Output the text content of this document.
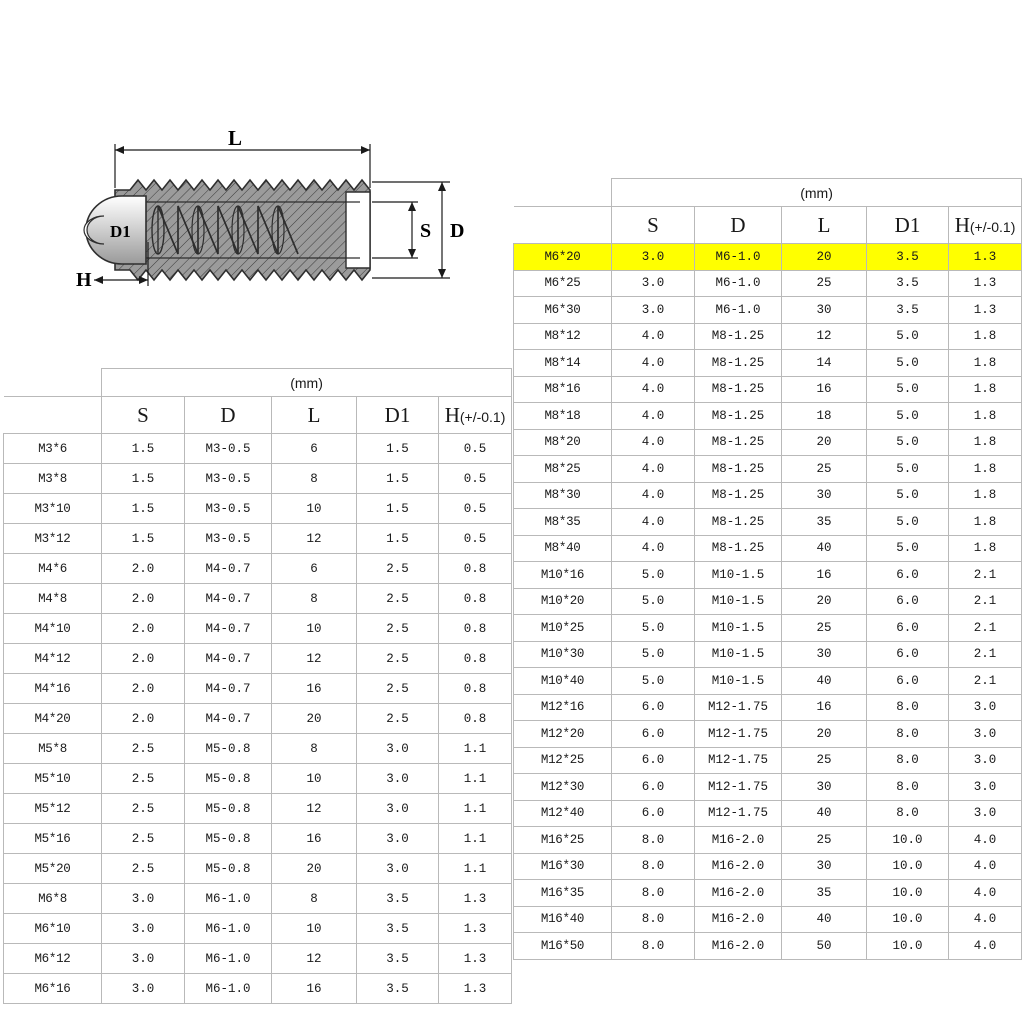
L
H
D1	S D
	(mm)				
	S	D	L	D1	H(+/-0.1)
M3*6	1.5	M3-0.5	6	1.5	0.5
M3*8	1.5	M3-0.5	8	1.5	0.5
M3*10	1.5	M3-0.5	10	1.5	0.5
M3*12	1.5	M3-0.5	12	1.5	0.5
M4*6	2.0	M4-0.7	6	2.5	0.8
M4*8	2.0	M4-0.7	8	2.5	0.8
M4*10	2.0	M4-0.7	10	2.5	0.8
M4*12	2.0	M4-0.7	12	2.5	0.8
M4*16	2.0	M4-0.7	16	2.5	0.8
M4*20	2.0	M4-0.7	20	2.5	0.8
M5*8	2.5	M5-0.8	8	3.0	1.1
M5*10	2.5	M5-0.8	10	3.0	1.1
M5*12	2.5	M5-0.8	12	3.0	1.1
M5*16	2.5	M5-0.8	16	3.0	1.1
M5*20	2.5	M5-0.8	20	3.0	1.1
M6*8	3.0	M6-1.0	8	3.5	1.3
M6*10	3.0	M6-1.0	10	3.5	1.3
M6*12	3.0	M6-1.0	12	3.5	1.3
M6*16	3.0	M6-1.0	16	3.5	1.3
	(mm)				
	S	D	L	D1	H(+/-0.1)
M6*20	3.0	M6-1.0	20	3.5	1.3
M6*25	3.0	M6-1.0	25	3.5	1.3
M6*30	3.0	M6-1.0	30	3.5	1.3
M8*12	4.0	M8-1.25	12	5.0	1.8
M8*14	4.0	M8-1.25	14	5.0	1.8
M8*16	4.0	M8-1.25	16	5.0	1.8
M8*18	4.0	M8-1.25	18	5.0	1.8
M8*20	4.0	M8-1.25	20	5.0	1.8
M8*25	4.0	M8-1.25	25	5.0	1.8
M8*30	4.0	M8-1.25	30	5.0	1.8
M8*35	4.0	M8-1.25	35	5.0	1.8
M8*40	4.0	M8-1.25	40	5.0	1.8
M10*16	5.0	M10-1.5	16	6.0	2.1
M10*20	5.0	M10-1.5	20	6.0	2.1
M10*25	5.0	M10-1.5	25	6.0	2.1
M10*30	5.0	M10-1.5	30	6.0	2.1
M10*40	5.0	M10-1.5	40	6.0	2.1
M12*16	6.0	M12-1.75	16	8.0	3.0
M12*20	6.0	M12-1.75	20	8.0	3.0
M12*25	6.0	M12-1.75	25	8.0	3.0
M12*30	6.0	M12-1.75	30	8.0	3.0
M12*40	6.0	M12-1.75	40	8.0	3.0
M16*25	8.0	M16-2.0	25	10.0	4.0
M16*30	8.0	M16-2.0	30	10.0	4.0
M16*35	8.0	M16-2.0	35	10.0	4.0
M16*40	8.0	M16-2.0	40	10.0	4.0
M16*50	8.0	M16-2.0	50	10.0	4.0
